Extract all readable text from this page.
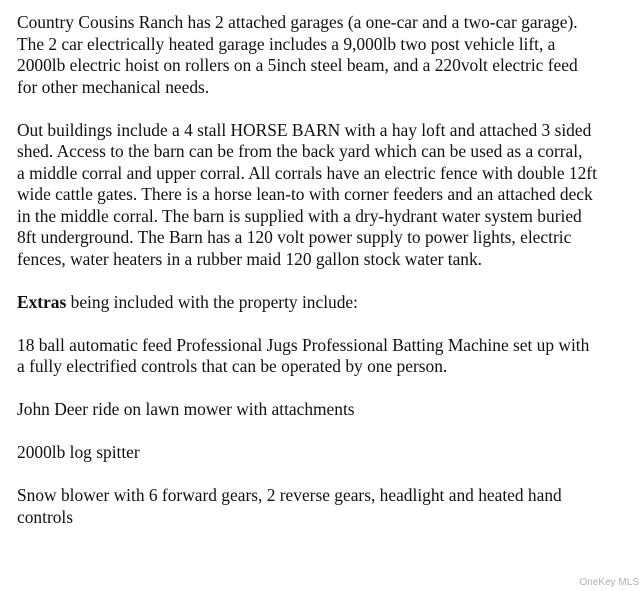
Country Cousins Ranch has 2 attached garages (a one-car and a two-car garage).
The 2 car electrically heated garage includes a 9,000lb two post vehicle lift, a
2000lb electric hoist on rollers on a 5inch steel beam, and a 220volt electric feed
for other mechanical needs.

Out buildings include a 4 stall HORSE BARN with a hay loft and attached 3 sided
shed. Access to the barn can be from the back yard which can be used as a corral,
a middle corral and upper corral. All corrals have an electric fence with double 12ft
wide cattle gates. There is a horse lean-to with corner feeders and an attached deck
in the middle corral. The barn is supplied with a dry-hydrant water system buried
8ft underground. The Barn has a 120 volt power supply to power lights, electric
fences, water heaters in a rubber maid 120 gallon stock water tank.

Extras being included with the property include:

18 ball automatic feed Professional Jugs Professional Batting Machine set up with
a fully electrified controls that can be operated by one person.

John Deer ride on lawn mower with attachments

2000lb log spitter

Snow blower with 6 forward gears, 2 reverse gears, headlight and heated hand
controls

OneKey MLS
